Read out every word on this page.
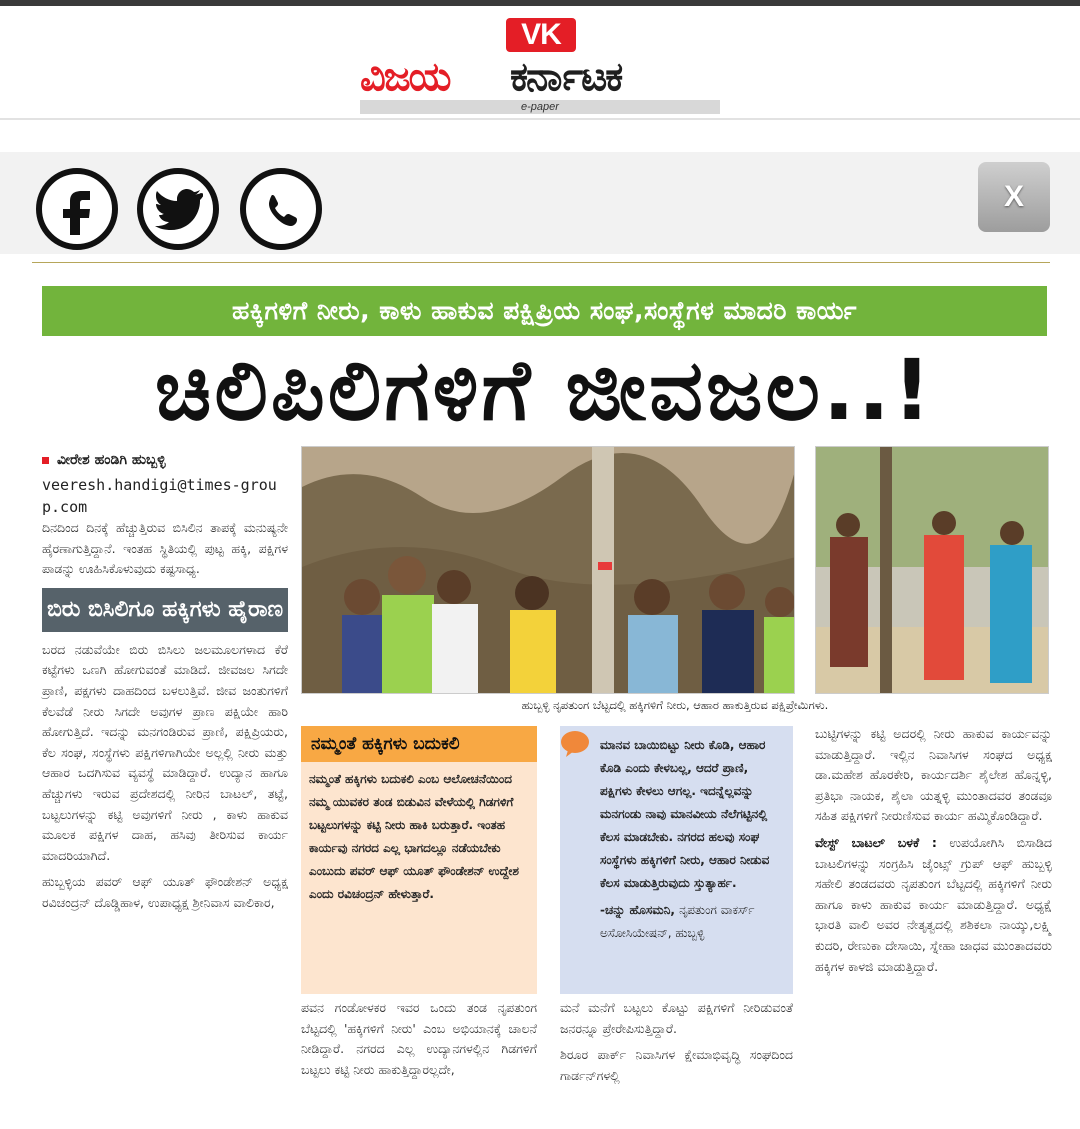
VK
ವಿಜಯ ಕರ್ನಾಟಕ
e-paper
X
ಹಕ್ಕಿಗಳಿಗೆ ನೀರು, ಕಾಳು ಹಾಕುವ ಪಕ್ಷಿಪ್ರಿಯ ಸಂಘ,ಸಂಸ್ಥೆಗಳ ಮಾದರಿ ಕಾರ್ಯ
ಚಿಲಿಪಿಲಿಗಳಿಗೆ ಜೀವಜಲ..!
ವೀರೇಶ ಹಂಡಿಗಿ ಹುಬ್ಬಳ್ಳಿ
veeresh.handigi@times-group.com

ದಿನದಿಂದ ದಿನಕ್ಕೆ ಹೆಚ್ಚುತ್ತಿರುವ ಬಿಸಿಲಿನ ತಾಪಕ್ಕೆ ಮನುಷ್ಯನೇ ಹೈರಣಾಗುತ್ತಿದ್ದಾನೆ. ಇಂತಹ ಸ್ಥಿತಿಯಲ್ಲಿ ಪುಟ್ಟ ಹಕ್ಕಿ, ಪಕ್ಷಿಗಳ ಪಾಡನ್ನು ಊಹಿಸಿಕೊಳುವುದು ಕಷ್ಟಸಾಧ್ಯ.

ಬಿರು ಬಿಸಿಲಿಗೂ ಹಕ್ಕಿಗಳು ಹೈರಾಣ

ಬರದ ನಡುವೆಯೇ ಬಿರು ಬಿಸಿಲು ಜಲಮೂಲಗಳಾದ ಕೆರೆ ಕಟ್ಟೆಗಳು ಒಣಗಿ ಹೋಗುವಂತೆ ಮಾಡಿದೆ. ಜೀವಜಲ ಸಿಗದೇ ಪ್ರಾಣಿ, ಪಕ್ಷಗಳು ದಾಹದಿಂದ ಬಳಲುತ್ತಿವೆ. ಜೀವ ಜಂತುಗಳಿಗೆ ಕೆಲವೆಡೆ ನೀರು ಸಿಗದೇ ಅವುಗಳ ಪ್ರಾಣ ಪಕ್ಷಿಯೇ ಹಾರಿ ಹೋಗುತ್ತಿದೆ. ಇದನ್ನು ಮನಗಂಡಿರುವ ಪ್ರಾಣಿ, ಪಕ್ಷಿಪ್ರಿಯರು, ಕೆಲ ಸಂಘ, ಸಂಸ್ಥೆಗಳು ಪಕ್ಷಿಗಳಿಗಾಗಿಯೇ ಅಲ್ಲಲ್ಲಿ ನೀರು ಮತ್ತು ಆಹಾರ ಒದಗಿಸುವ ವ್ಯವಸ್ಥೆ ಮಾಡಿದ್ದಾರೆ. ಉದ್ಯಾನ ಹಾಗೂ ಹೆಚ್ಚುಗಳು ಇರುವ ಪ್ರದೇಶದಲ್ಲಿ ನೀರಿನ ಬಾಟಲ್, ತಟ್ಟೆ, ಬಟ್ಟಲುಗಳನ್ನು ಕಟ್ಟಿ ಅವುಗಳಿಗೆ ನೀರು , ಕಾಳು ಹಾಕುವ ಮೂಲಕ ಪಕ್ಷಿಗಳ ದಾಹ, ಹಸಿವು ತೀರಿಸುವ ಕಾರ್ಯ ಮಾದರಿಯಾಗಿದೆ.

ಹುಬ್ಬಳ್ಳಿಯ ಪವರ್ ಆಫ್ ಯೂತ್ ಫೌಂಡೇಶನ್ ಅಧ್ಯಕ್ಷ ರವಿಚಂದ್ರನ್ ದೊಡ್ಡಿಹಾಳ, ಉಪಾಧ್ಯಕ್ಷ ಶ್ರೀನಿವಾಸ ವಾಲಿಕಾರ,

ಹುಬ್ಬಳ್ಳಿ ನೃಪತುಂಗ ಬೆಟ್ಟದಲ್ಲಿ ಹಕ್ಕಿಗಳಿಗೆ ನೀರು, ಆಹಾರ ಹಾಕುತ್ತಿರುವ ಪಕ್ಷಿಪ್ರೇಮಿಗಳು.
ನಮ್ಮಂತೆ ಹಕ್ಕಿಗಳು ಬದುಕಲಿ
ನಮ್ಮಂತೆ ಹಕ್ಕಿಗಳು ಬದುಕಲಿ ಎಂಬ ಆಲೋಚನೆಯಿಂದ ನಮ್ಮ ಯುವಕರ ತಂಡ ಬಿಡುವಿನ ವೇಳೆಯಲ್ಲಿ ಗಿಡಗಳಿಗೆ ಬಟ್ಟಲುಗಳನ್ನು ಕಟ್ಟಿ ನೀರು ಹಾಕಿ ಬರುತ್ತಾರೆ. ಇಂತಹ ಕಾರ್ಯವು ನಗರದ ಎಲ್ಲ ಭಾಗದಲ್ಲೂ ನಡೆಯಬೇಕು ಎಂಬುದು ಪವರ್ ಆಫ್ ಯೂತ್ ಫೌಂಡೇಶನ್ ಉದ್ದೇಶ ಎಂದು ರವಿಚಂದ್ರನ್ ಹೇಳುತ್ತಾರೆ.
ಮಾನವ ಬಾಯಿಬಿಟ್ಟು ನೀರು ಕೊಡಿ, ಆಹಾರ ಕೊಡಿ ಎಂದು ಕೇಳಬಲ್ಲ, ಆದರೆ ಪ್ರಾಣಿ, ಪಕ್ಷಿಗಳು ಕೇಳಲು ಆಗಲ್ಲ. ಇದನ್ನೆಲ್ಲವನ್ನು ಮನಗಂಡು ನಾವು ಮಾನವೀಯ ನೆಲೆಗಟ್ಟಿನಲ್ಲಿ ಕೆಲಸ ಮಾಡಬೇಕು. ನಗರದ ಹಲವು ಸಂಘ ಸಂಸ್ಥೆಗಳು ಹಕ್ಕಿಗಳಿಗೆ ನೀರು, ಆಹಾರ ನೀಡುವ ಕೆಲಸ ಮಾಡುತ್ತಿರುವುದು ಸ್ತುತ್ಯಾರ್ಹ.
-ಚನ್ನು ಹೊಸಮನಿ, ನೃಪತುಂಗ ವಾಕರ್ಸ್ ಅಸೋಸಿಯೇಷನ್, ಹುಬ್ಬಳ್ಳಿ

ಪವನ ಗಂಡೋಳಕರ ಇವರ ಒಂದು ತಂಡ ನೃಪತುಂಗ ಬೆಟ್ಟದಲ್ಲಿ 'ಹಕ್ಕಿಗಳಿಗೆ ನೀರು' ಎಂಬ ಅಭಿಯಾನಕ್ಕೆ ಚಾಲನೆ ನೀಡಿದ್ದಾರೆ. ನಗರದ ಎಲ್ಲ ಉದ್ಯಾನಗಳಲ್ಲಿನ ಗಿಡಗಳಿಗೆ ಬಟ್ಟಲು ಕಟ್ಟಿ ನೀರು ಹಾಕುತ್ತಿದ್ದಾರಲ್ಲದೇ,

ಮನೆ ಮನೆಗೆ ಬಟ್ಟಲು ಕೊಟ್ಟು ಪಕ್ಷಿಗಳಿಗೆ ನೀರಿಡುವಂತೆ ಜನರನ್ನೂ ಪ್ರೇರೇಪಿಸುತ್ತಿದ್ದಾರೆ.

ಶಿರೂರ ಪಾರ್ಕ್ ನಿವಾಸಿಗಳ ಕ್ಷೇಮಾಭಿವೃದ್ಧಿ ಸಂಘದಿಂದ ಗಾರ್ಡನ್‌ಗಳಲ್ಲಿ

ಬುಟ್ಟಿಗಳನ್ನು ಕಟ್ಟಿ ಅದರಲ್ಲಿ ನೀರು ಹಾಕುವ ಕಾರ್ಯವನ್ನು ಮಾಡುತ್ತಿದ್ದಾರೆ. ಇಲ್ಲಿನ ನಿವಾಸಿಗಳ ಸಂಘದ ಅಧ್ಯಕ್ಷ ಡಾ.ಮಹೇಶ ಹೊರಕೇರಿ, ಕಾರ್ಯದರ್ಶಿ ಶೈಲೇಶ ಹೊನ್ನಳ್ಳಿ, ಪ್ರತಿಭಾ ನಾಯಕ, ಶೈಲಾ ಯತ್ನಳ್ಳಿ ಮುಂತಾದವರ ತಂಡವೂ ಸಹಿತ ಪಕ್ಷಿಗಳಿಗೆ ನೀರುಣಿಸುವ ಕಾರ್ಯ ಹಮ್ಮಿಕೊಂಡಿದ್ದಾರೆ.

ವೇಸ್ಟ್ ಬಾಟಲ್ ಬಳಕೆ : ಉಪಯೋಗಿಸಿ ಬಿಸಾಡಿದ ಬಾಟಲಿಗಳನ್ನು ಸಂಗ್ರಹಿಸಿ ಜೈಂಟ್ಸ್ ಗ್ರುಪ್ ಆಫ್ ಹುಬ್ಬಳ್ಳಿ ಸಹೇಲಿ ತಂಡದವರು ನೃಪತುಂಗ ಬೆಟ್ಟದಲ್ಲಿ ಹಕ್ಕಿಗಳಿಗೆ ನೀರು ಹಾಗೂ ಕಾಳು ಹಾಕುವ ಕಾರ್ಯ ಮಾಡುತ್ತಿದ್ದಾರೆ. ಅಧ್ಯಕ್ಷೆ ಭಾರತಿ ವಾಲಿ ಅವರ ನೇತೃತ್ವದಲ್ಲಿ ಶಶಿಕಲಾ ನಾಯ್ಕು,ಲಕ್ಷ್ಮಿ ಕುದರಿ, ರೇಣುಕಾ ದೇಸಾಯಿ, ಸ್ನೇಹಾ ಜಾಧವ ಮುಂತಾದವರು ಹಕ್ಕಿಗಳ ಕಾಳಜಿ ಮಾಡುತ್ತಿದ್ದಾರೆ.
